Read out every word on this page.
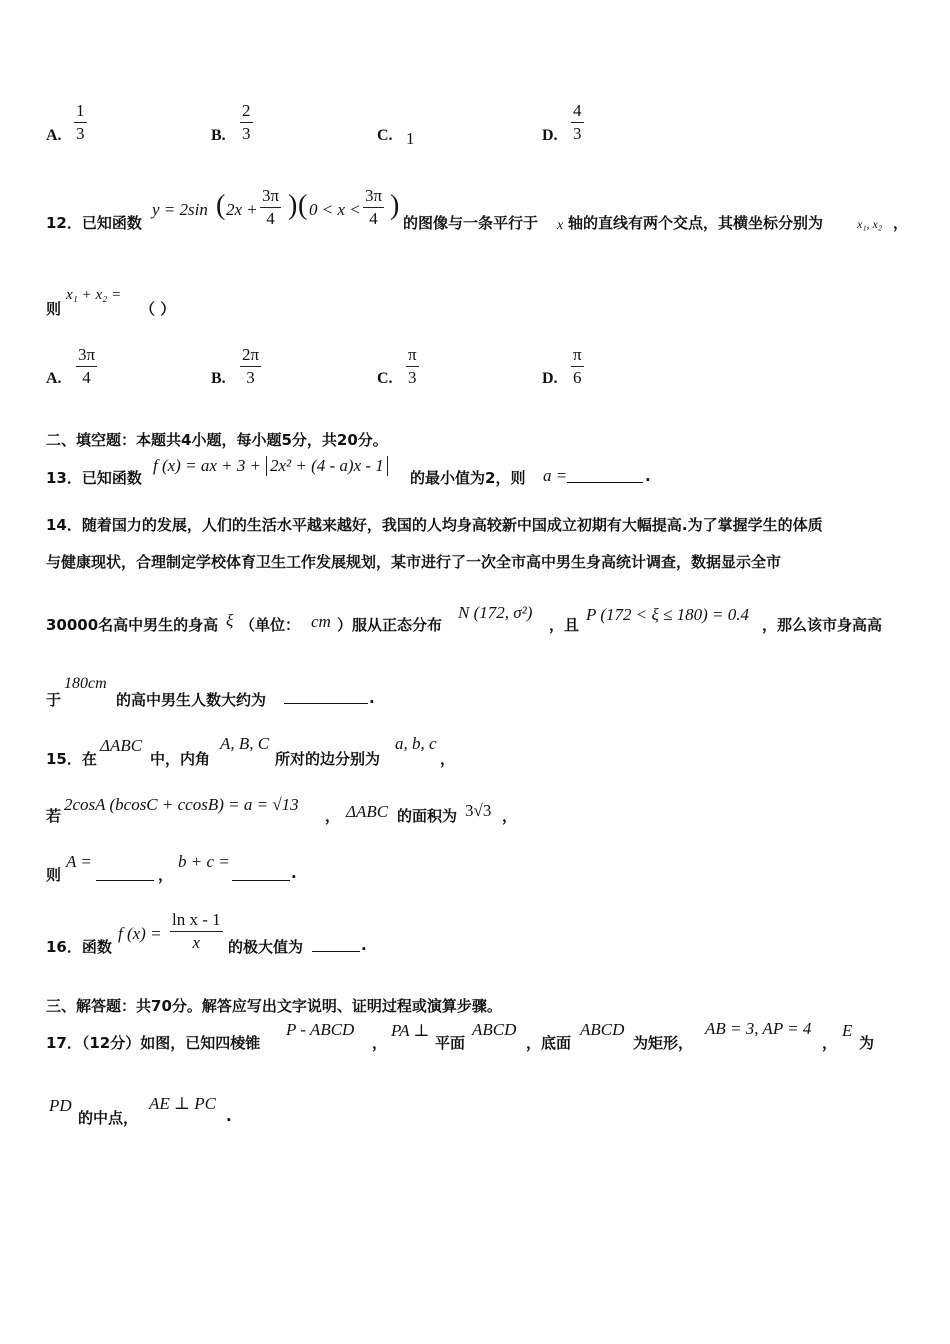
A.
1
3	B.
2
3	C. 1	D.
4
3
12．已知函数
y = 2sin ( 2x +
3π
4 ) ( 0 < x <
3π
4 )
的图像与一条平行于 x 轴的直线有两个交点，其横坐标分别为	x₁, x₂ ，
则
x₁ + x₂ =
（ ）
A.
3π
4	B.
2π
3	C.
π
3	D.
π
6
二、填空题：本题共4小题，每小题5分，共20分。
13．已知函数
f (x) = ax + 3 + 2x² + (4 - a)x - 1
的最小值为2，则 a =	.
14．随着国力的发展，人们的生活水平越来越好，我国的人均身高较新中国成立初期有大幅提高.为了掌握学生的体质
与健康现状，合理制定学校体育卫生工作发展规划，某市进行了一次全市高中男生身高统计调查，数据显示全市
30000名高中男生的身高 ξ （单位： cm ）服从正态分布
N (172, σ²)
，且
P (172 < ξ ≤ 180) = 0.4
，那么该市身高高
于
180cm
的高中男生人数大约为	.
15．在
ΔABC
中，内角
A, B, C
所对的边分别为
a, b, c
，
若
2cosA (bcosC + ccosB) = a = √13
， ΔABC 的面积为 3√3 ，
则
A =
，
b + c =
.
16．函数
f (x) =
ln x - 1
x 的极大值为	.
三、解答题：共70分。解答应写出文字说明、证明过程或演算步骤。
17．（12分）如图，已知四棱锥
P - ABCD
，
PA ⊥
平面
ABCD
，底面
ABCD
为矩形，
AB = 3, AP = 4
，
E
为
PD
的中点，
AE ⊥ PC
.
